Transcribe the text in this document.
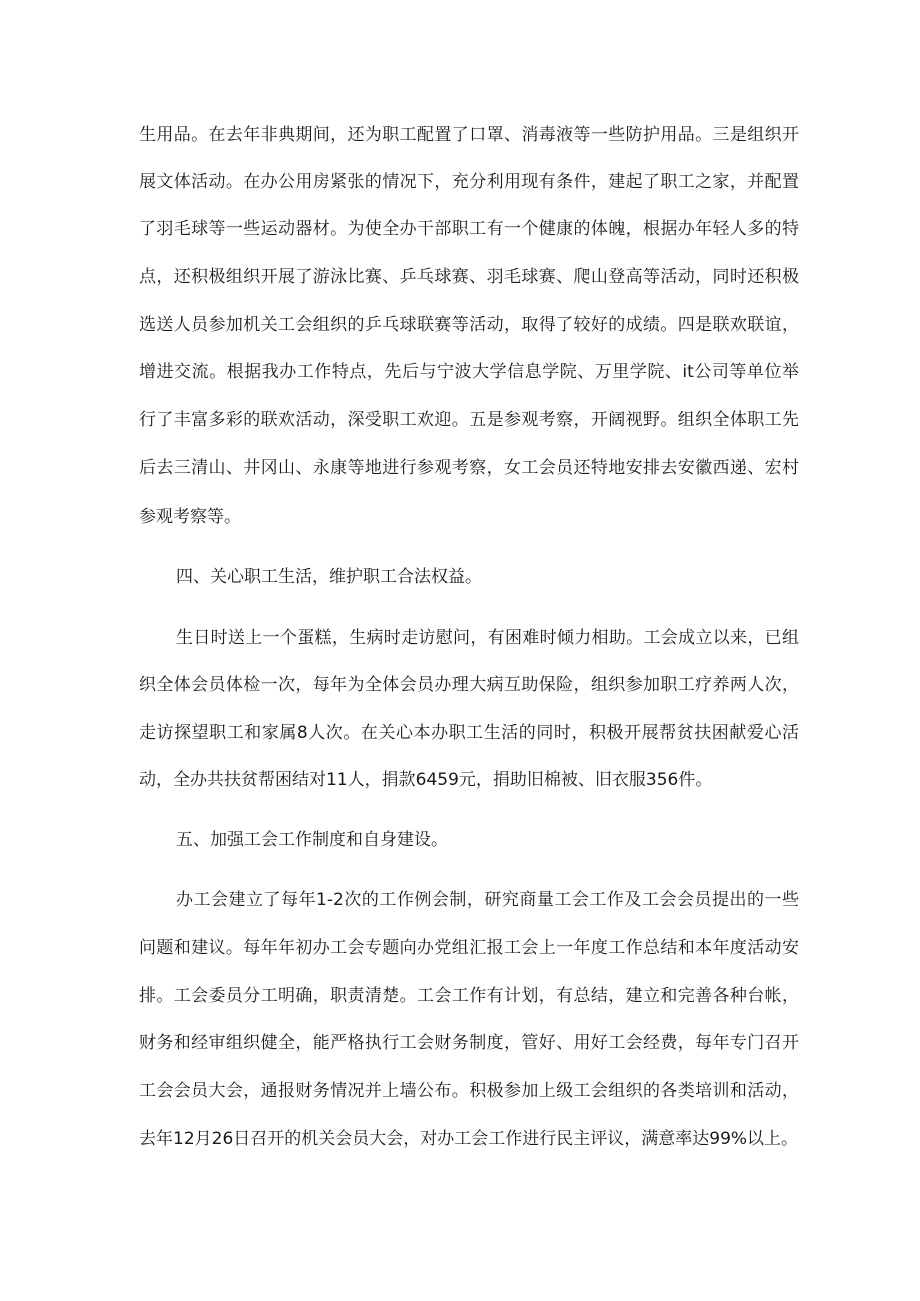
生用品。在去年非典期间，还为职工配置了口罩、消毒液等一些防护用品。三是组织开
展文体活动。在办公用房紧张的情况下，充分利用现有条件，建起了职工之家，并配置
了羽毛球等一些运动器材。为使全办干部职工有一个健康的体魄，根据办年轻人多的特
点，还积极组织开展了游泳比赛、乒乓球赛、羽毛球赛、爬山登高等活动，同时还积极
选送人员参加机关工会组织的乒乓球联赛等活动，取得了较好的成绩。四是联欢联谊，
增进交流。根据我办工作特点，先后与宁波大学信息学院、万里学院、it公司等单位举
行了丰富多彩的联欢活动，深受职工欢迎。五是参观考察，开阔视野。组织全体职工先
后去三清山、井冈山、永康等地进行参观考察，女工会员还特地安排去安徽西递、宏村
参观考察等。
四、关心职工生活，维护职工合法权益。
生日时送上一个蛋糕，生病时走访慰问，有困难时倾力相助。工会成立以来，已组
织全体会员体检一次，每年为全体会员办理大病互助保险，组织参加职工疗养两人次，
走访探望职工和家属8人次。在关心本办职工生活的同时，积极开展帮贫扶困献爱心活
动，全办共扶贫帮困结对11人，捐款6459元，捐助旧棉被、旧衣服356件。
五、加强工会工作制度和自身建设。
办工会建立了每年1-2次的工作例会制，研究商量工会工作及工会会员提出的一些
问题和建议。每年年初办工会专题向办党组汇报工会上一年度工作总结和本年度活动安
排。工会委员分工明确，职责清楚。工会工作有计划，有总结，建立和完善各种台帐，
财务和经审组织健全，能严格执行工会财务制度，管好、用好工会经费，每年专门召开
工会会员大会，通报财务情况并上墙公布。积极参加上级工会组织的各类培训和活动，
去年12月26日召开的机关会员大会，对办工会工作进行民主评议，满意率达99%以上。
